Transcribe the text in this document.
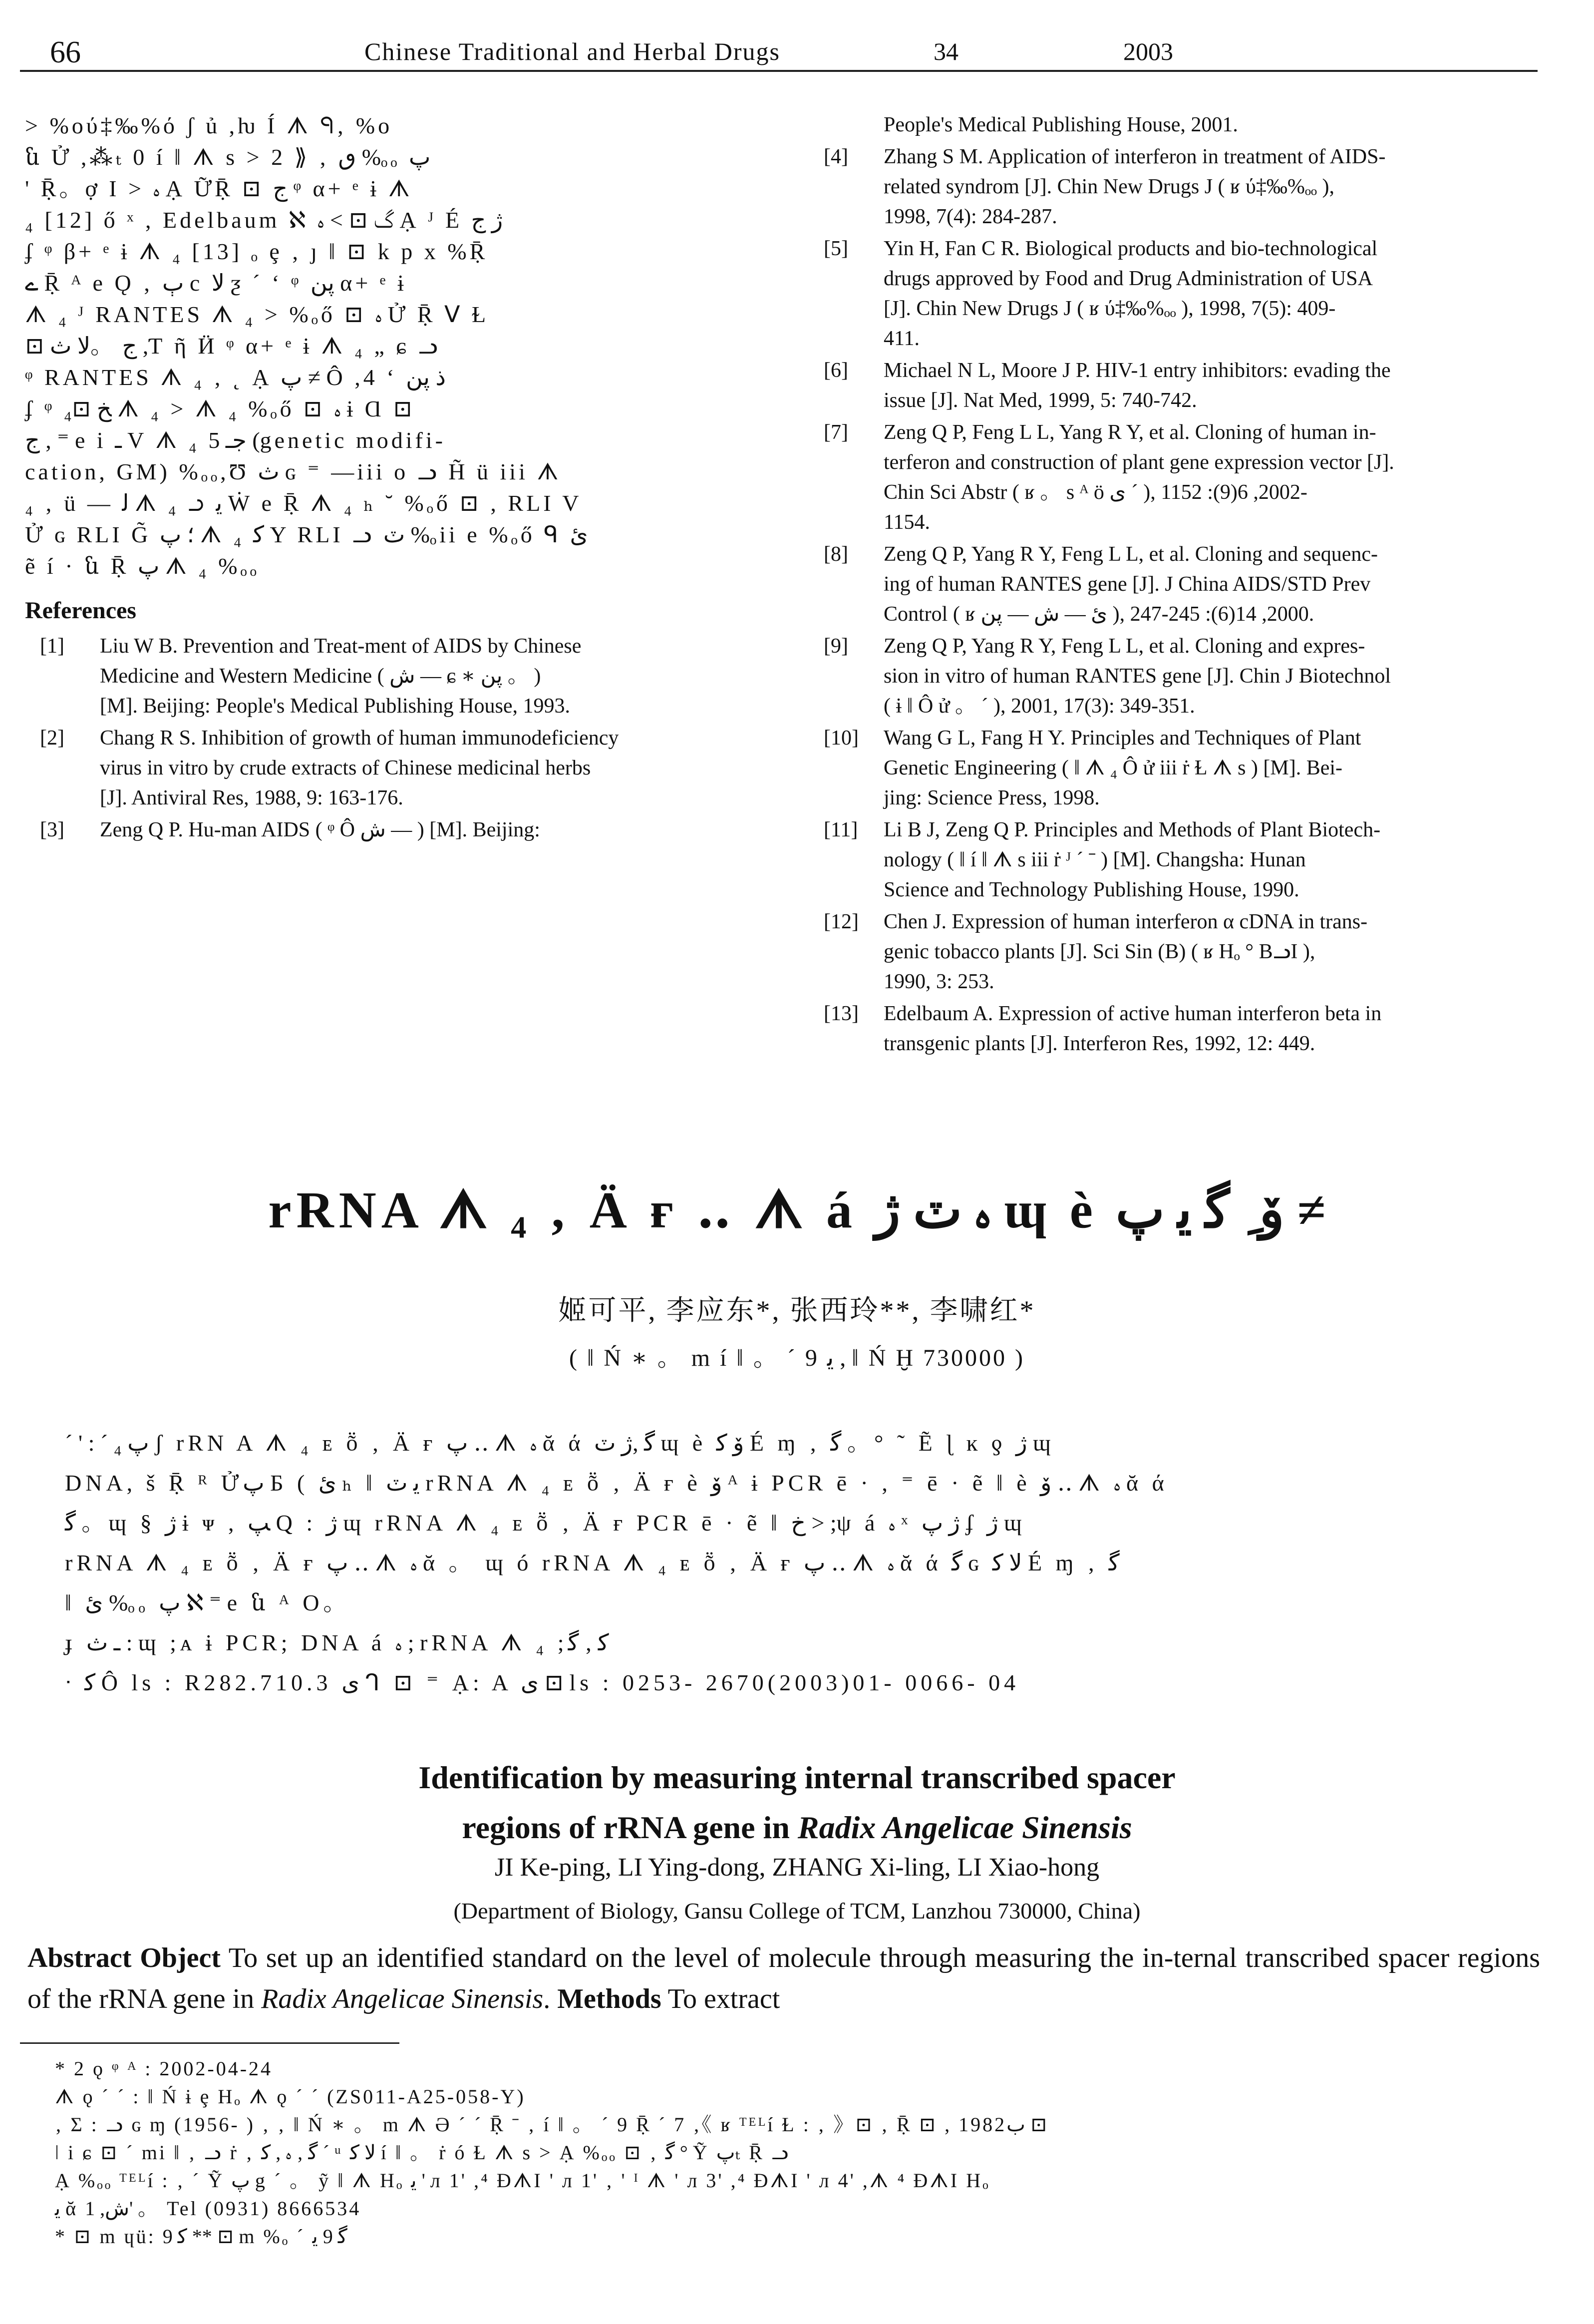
66	Chinese Traditional and Herbal Drugs	34	2003

> %ού‡‰%ό ʃ ủ ,ƕ Í ᗑ ᑫ‚ %ο

ն Ử ,⁂ₜ 0 í ǁ ᗑ s > 2 ⟫ ‚ ٯ %ₒₒ پ

' Ṝ。ợ I > ﮦ Ạ ỮṜ ⊡ ج ᵠ α+ ᵉ ɨ ᗑ

₄ [12] ő ˣ , Edelbaum ℵ گ ⊡ > ﮦ Ạ ᴶ É ژ ج

ʄ ᵠ β+ ᵉ ɨ ᗑ ₄ [13] ₒ ȩ ‚ ȷ ǁ ⊡ k p x %Ṝ

ے Ṝ ᴬ e Ǫ ‚ ﭒ c لا ƺ ˊ ‘ ᵠ پن α+ ᵉ ɨ

ᗑ ₄ ᴶ RANTES ᗑ ₄ > %ₒő ⊡ ﮦ Ử Ṝ ᐯ Ɫ

⊡ ج 。ﻻ ث ,Ƭ ῆ Ӥ ᵠ α+ ᵉ ɨ ᗑ ₄ „ ɕ ᓗ

ᵠ RANTES ᗑ ₄ ‚ ˛ Ạ پ ≠ Ô ,4 ‘ ذ پن

ʄ ᵠ ﺦ ⊡₄ ᗑ ₄ > ᗑ ₄ %ₒő ⊡ ﮦ ɨ Ɑ ⊡

ج , ⁼ e i ـ V ᗑ ₄ جـ 5 (genetic modifi-

cation, GM) %ₒₒ,Ʊ ث ɢ ⁼ —iii o ᓗ H̃ ü iii ᗑ

₄ ‚ ü — ﻟ ᗑ ₄ ᓗ ﻳ Ẇ e Ṝ ᗑ ₄ ₕ ˘ %ₒő ⊡ , RLI V

Ử ɢ RLI G̃ ؛ پ ᗑ ₄ ﮐ Y RLI ᓗ ٽ %ₒii e %ₒő ᑫ ئ

ẽ í · ն Ṝ پ ᗑ ₄ %ₒₒ

References
[1] Liu W B. Prevention and Treat-ment of AIDS by Chinese
Medicine and Western Medicine ( ﺵ — ɕ ∗ پن 。 )
[M]. Beijing: People's Medical Publishing House, 1993.
[2] Chang R S. Inhibition of growth of human immunodeficiency
virus in vitro by crude extracts of Chinese medicinal herbs
[J]. Antiviral Res, 1988, 9: 163-176.
[3] Zeng Q P. Hu-man AIDS ( ᵠ Ô ﺵ — ) [M]. Beijing:
People's Medical Publishing House, 2001.
[4] Zhang S M. Application of interferon in treatment of AIDS-
related syndrom [J]. Chin New Drugs J ( ʁ ύ‡‰%ₒₒ ),
1998, 7(4): 284-287.
[5] Yin H, Fan C R. Biological products and bio-technological
drugs approved by Food and Drug Administration of USA
[J]. Chin New Drugs J ( ʁ ύ‡‰%ₒₒ ), 1998, 7(5): 409-
411.
[6] Michael N L, Moore J P. HIV-1 entry inhibitors: evading the
issue [J]. Nat Med, 1999, 5: 740-742.
[7] Zeng Q P, Feng L L, Yang R Y, et al. Cloning of human in-
terferon and construction of plant gene expression vector [J].
Chin Sci Abstr ( ʁ 。 s ᴬ ö ی ˊ ), 2002, 6(9): 1152-
1154.
[8] Zeng Q P, Yang R Y, Feng L L, et al. Cloning and sequenc-
ing of human RANTES gene [J]. J China AIDS/STD Prev
Control ( ʁ ئ — ﺵ — پن ), 2000, 14(6): 245-247.
[9] Zeng Q P, Yang R Y, Feng L L, et al. Cloning and expres-
sion in vitro of human RANTES gene [J]. Chin J Biotechnol
( ɨ ǁ Ô ử 。 ˊ ), 2001, 17(3): 349-351.
[10] Wang G L, Fang H Y. Principles and Techniques of Plant
Genetic Engineering ( ǁ ᗑ ₄ Ô ử iii ṙ Ɫ ᗑ s ) [M]. Bei-
jing: Science Press, 1998.
[11] Li B J, Zeng Q P. Principles and Methods of Plant Biotech-
nology ( ǁ í ǁ ᗑ s iii ṙ ᴶ ˊ ˉ ) [M]. Changsha: Hunan
Science and Technology Publishing House, 1990.
[12] Chen J. Expression of human interferon α cDNA in trans-
genic tobacco plants [J]. Sci Sin (B) ( ʁ Hₒ ° BᓗI ),
1990, 3: 253.
[13] Edelbaum A. Expression of active human interferon beta in
transgenic plants [J]. Interferon Res, 1992, 12: 449.
rRNA ᗑ ₄ ‚ Ä ғ ‥ ᗑ á ﮦ ٽ ژ ɰ è ﯙ ِ ﮔ ﻳ پ ≠
姬可平, 李应东*, 张西玲**, 李啸红*
( ǁ Ń ∗ 。 m í ǁ 。 ˊ 9 ﻳ , ǁ Ń Ḫ 730000 )

ˊ ' : ˊ پ ₄ ʃ rRN A ᗑ ₄ ᴇ ṏ ‚ Ä ғ پ ‥ ᗑ ﮦ ᾰ ά ﮔ ,ژ ٽ ɰ è ﯙ ﮐ É ɱ ‚ ﮔ 。° ˜ Ẽ ɭ ĸ ƍ ژ ɰ

DNA, š Ṝ ᴿ Ửپ Ƃ ( ئ ₕ ǁ ﻳ ٽ rRNA ᗑ ₄ ᴇ ṏ ‚ Ä ғ è ﯙ ᴬ ɨ PCR ē · , ⁼ ē · ẽ ǁ è ﯙ ‥ ᗑ ﮦ ᾰ ά

ﮔ 。ɰ § ژ ɨ ᴪ , ﭗ Q : ژ ɰ rRNA ᗑ ₄ ᴇ ṏ ‚ Ä ғ PCR ē · ẽ ǁ خ > ;ψ á ﮦ ˣ ژ پ ʄ ژ ɰ

rRNA ᗑ ₄ ᴇ ṏ ‚ Ä ғ پ ‥ ᗑ ﮦ ᾰ 。 ɰ ó rRNA ᗑ ₄ ᴇ ṏ ‚ Ä ғ پ ‥ ᗑ ﮦ ᾰ ά ﮔ ɢ ﻻ ﮐ É ɱ ‚ ﮔ

ǁ ئ %ₒₒ پ ℵ ⁼ e ն ᴬ O。

ɟ ـ ث : ɰ ;ᴀ ɨ PCR; DNA á ﮦ ; rRNA ᗑ ₄ ;ﮐ ‚ ﮔ

ᐧ ﮐ Ô ls : R282.710.3 ی ᒉ ⊡ ⁼ Ạ: A ی ⊡ ls : 0253- 2670(2003)01- 0066- 04

Identification by measuring internal transcribed spacer
regions of rRNA gene in Radix Angelicae Sinensis
JI Ke-ping, LI Ying-dong, ZHANG Xi-ling, LI Xiao-hong
(Department of Biology, Gansu College of TCM, Lanzhou 730000, China)
Abstract Object To set up an identified standard on the level of molecule through measuring the in-ternal transcribed spacer regions of the rRNA gene in Radix Angelicae Sinensis. Methods To extract

* 2 ǫ ᵠ ᴬ : 2002-04-24

ᗑ ǫ ˊ ˊ : ǁ Ń ɨ ȩ Hₒ ᗑ ǫ ˊ ˊ (ZS011-A25-058-Y)

‚ Ʃ : ᓗ ɢ ɱ (1956- ) ‚ ‚ ǁ Ń ∗ 。 m ᗑ Ә ˊ ˊ Ṝ ˉ ‚ í ǁ 。 ˊ 9 Ṝ ˊ 7 ‚《 ʁ ᵀᴱᴸí Ɫ : ‚ 》⊡ ‚ Ṝ ⊡ , 1982ب ⊡

ǀ i ɕ ⊡ ˊ mi ǁ ‚ ᓗ ṙ ‚ ﮔ ‚ ﮦ , ﮐ ˊ ᵘ ﻻ ﮐ í ǁ 。 ṙ ó Ɫ ᗑ s > Ạ %ₒₒ ⊡ ‚ ﮔ ° Ỹ پₜ Ṝ ᓗ

Ạ %ₒₒ ᵀᴱᴸí : ‚ ˊ Ỹ پ g ˊ 。 ỹ ǁ ᗑ Hₒ ﻳ ' л 1' ,⁴ ƉᗑI ' л 1' ‚ ' ᴵ ᗑ ' л 3' ,⁴ ƉᗑI ' л 4' ,ᗑ ⁴ ƉᗑI Hₒ

ﻳ ᾰ ﺵ, 1' 。 Tel (0931) 8666534

* ⊡ m ɥü: ﮐ 9 ** ⊡ m %ₒ ˊ ﮔ 9 ﻳ
